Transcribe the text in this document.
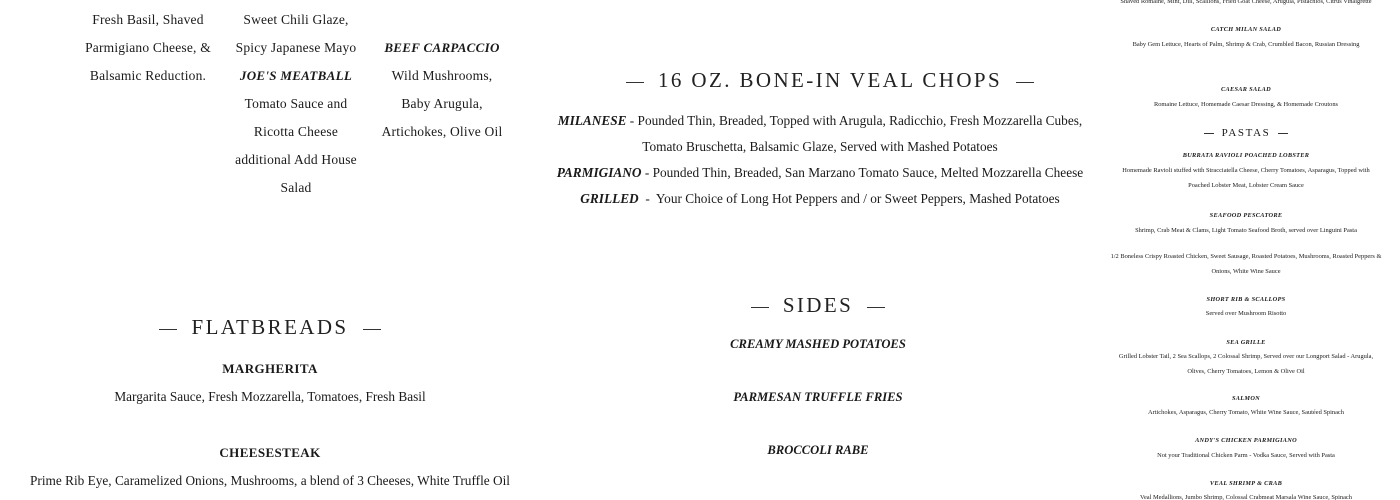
Fresh Basil, Shaved
Parmigiano Cheese, &
Balsamic Reduction.
Sweet Chili Glaze,
Spicy Japanese Mayo
JOE'S MEATBALL
Tomato Sauce and
Ricotta Cheese
additional Add House
Salad
BEEF CARPACCIO
Wild Mushrooms,
Baby Arugula,
Artichokes, Olive Oil
16 OZ. BONE-IN VEAL CHOPS
MILANESE - Pounded Thin, Breaded, Topped with Arugula, Radicchio, Fresh Mozzarella Cubes,
Tomato Bruschetta, Balsamic Glaze, Served with Mashed Potatoes
PARMIGIANO - Pounded Thin, Breaded, San Marzano Tomato Sauce, Melted Mozzarella Cheese
GRILLED  -  Your Choice of Long Hot Peppers and / or Sweet Peppers, Mashed Potatoes
FLATBREADS
MARGHERITA
Margarita Sauce, Fresh Mozzarella, Tomatoes, Fresh Basil
CHEESESTEAK
Prime Rib Eye, Caramelized Onions, Mushrooms, a blend of 3 Cheeses, White Truffle Oil
SIDES
CREAMY MASHED POTATOES
PARMESAN TRUFFLE FRIES
BROCCOLI RABE
Shaved Romaine, Mint, Dill, Scallions, Fried Goat Cheese, Arugula, Pistachios, Citrus Vinaigrette
CATCH MILAN SALAD
Baby Gem Lettuce, Hearts of Palm, Shrimp & Crab, Crumbled Bacon, Russian Dressing
CAESAR SALAD
Romaine Lettuce, Homemade Caesar Dressing, & Homemade Croutons
PASTAS
BURRATA RAVIOLI POACHED LOBSTER
Homemade Ravioli stuffed with Stracciatella Cheese, Cherry Tomatoes, Asparagus, Topped with
Poached Lobster Meat, Lobster Cream Sauce
SEAFOOD PESCATORE
Shrimp, Crab Meat & Clams, Light Tomato Seafood Broth, served over Linguini Pasta
1/2 Boneless Crispy Roasted Chicken, Sweet Sausage, Roasted Potatoes, Mushrooms, Roasted Peppers &
Onions, White Wine Sauce
SHORT RIB & SCALLOPS
Served over Mushroom Risotto
SEA GRILLE
Grilled Lobster Tail, 2 Sea Scallops, 2 Colossal Shrimp, Served over our Longport Salad - Arugula,
Olives, Cherry Tomatoes, Lemon & Olive Oil
SALMON
Artichokes, Asparagus, Cherry Tomato, White Wine Sauce, Sautéed Spinach
ANDY'S CHICKEN PARMIGIANO
Not your Traditional Chicken Parm - Vodka Sauce, Served with Pasta
VEAL SHRIMP & CRAB
Veal Medallions, Jumbo Shrimp, Colossal Crabmeat Marsala Wine Sauce, Spinach
